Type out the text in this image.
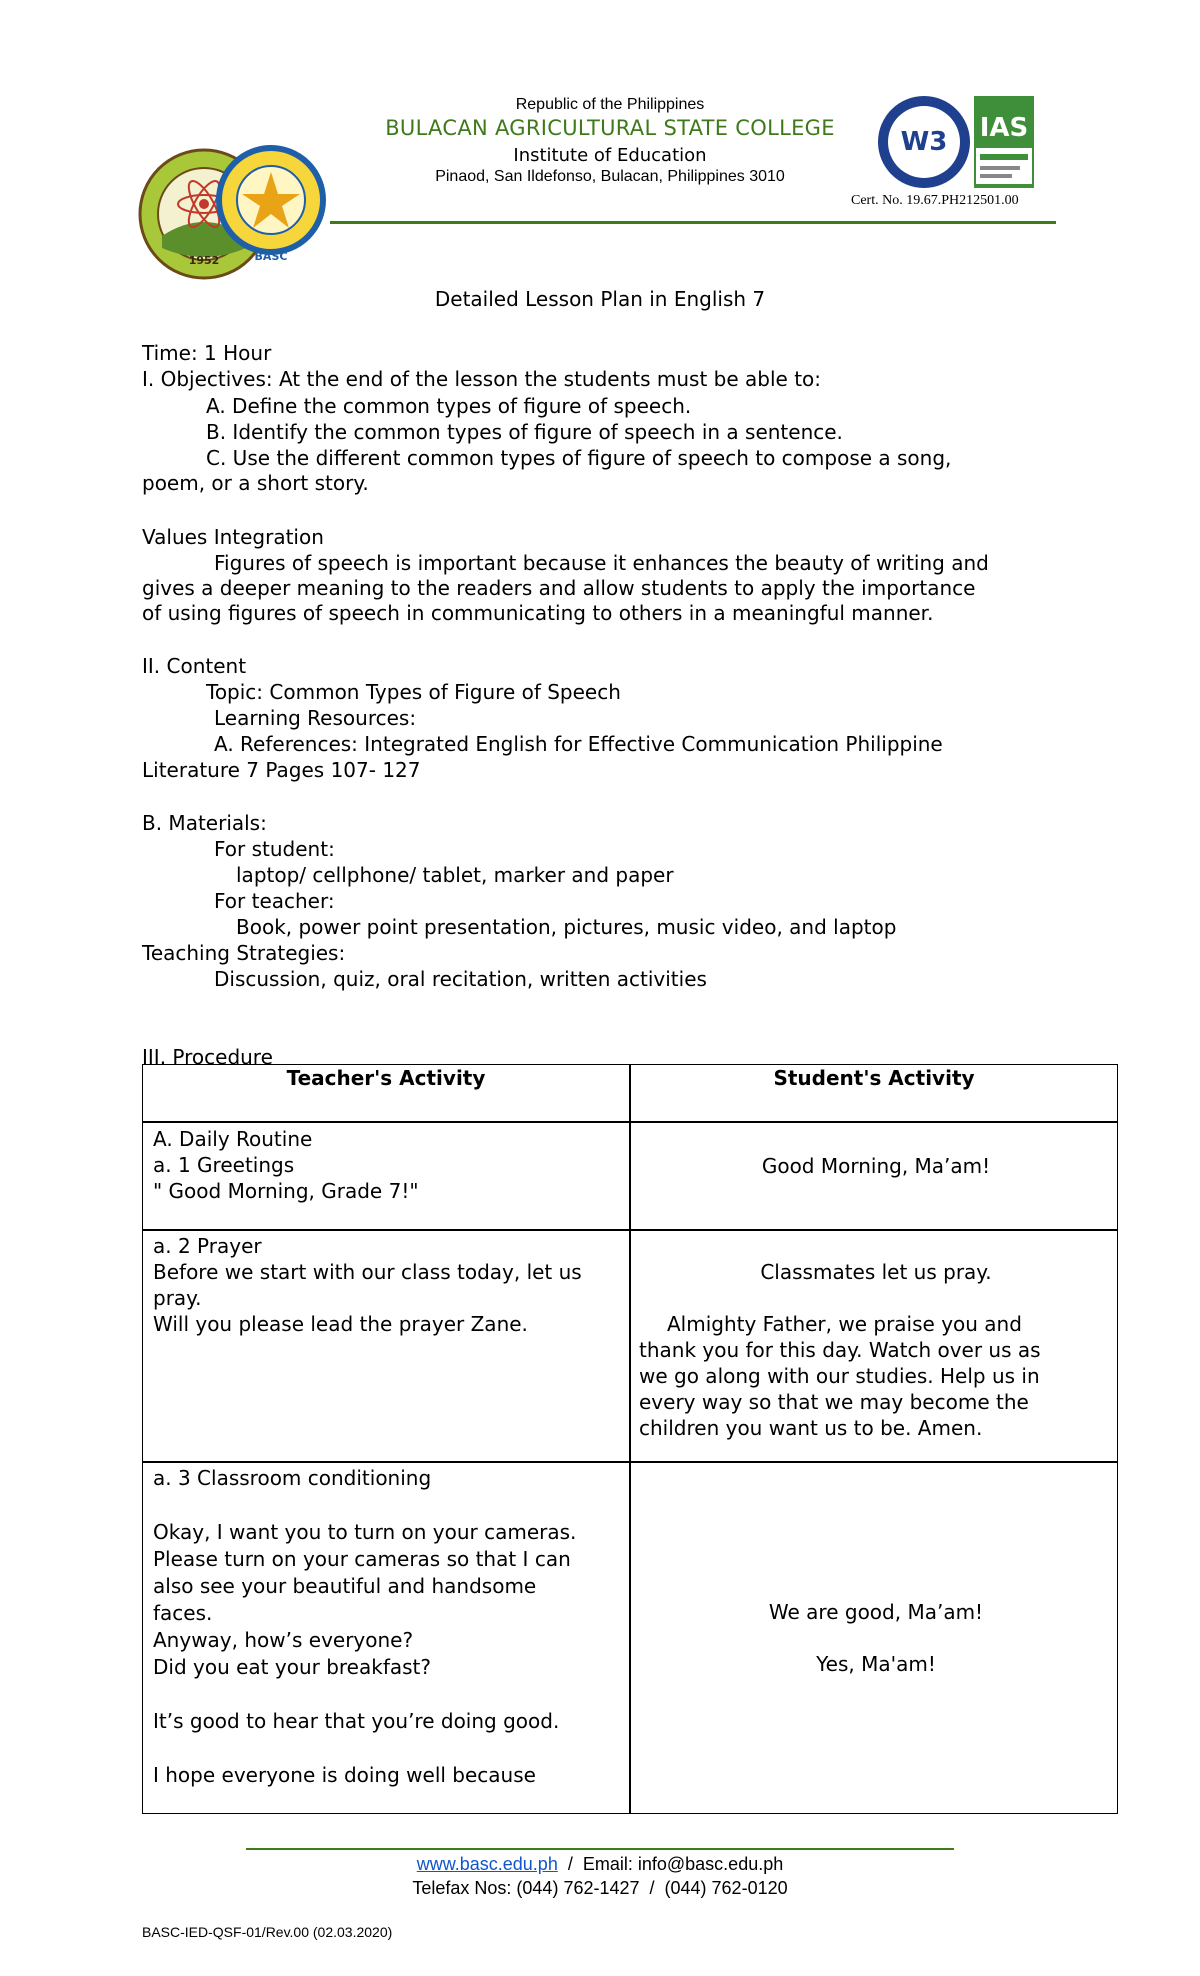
1952	BASC
Republic of the Philippines
BULACAN AGRICULTURAL STATE COLLEGE
Institute of Education
Pinaod, San Ildefonso, Bulacan, Philippines 3010
W3 IAS
Cert. No. 19.67.PH212501.00
Detailed Lesson Plan in English 7
Time: 1 Hour
I. Objectives: At the end of the lesson the students must be able to:
A. Define the common types of figure of speech.
B. Identify the common types of figure of speech in a sentence.
C. Use the different common types of figure of speech to compose a song,
poem, or a short story.
Values Integration
Figures of speech is important because it enhances the beauty of writing and
gives a deeper meaning to the readers and allow students to apply the importance
of using figures of speech in communicating to others in a meaningful manner.
II. Content
Topic: Common Types of Figure of Speech
Learning Resources:
A. References: Integrated English for Effective Communication Philippine
Literature 7 Pages 107- 127
B. Materials:
For student:
laptop/ cellphone/ tablet, marker and paper
For teacher:
Book, power point presentation, pictures, music video, and laptop
Teaching Strategies:
Discussion, quiz, oral recitation, written activities
III. Procedure
Teacher's Activity	Student's Activity
A. Daily Routine
a. 1 Greetings
" Good Morning, Grade 7!"
Good Morning, Ma’am!
a. 2 Prayer
Before we start with our class today, let us
pray.
Will you please lead the prayer Zane.
Classmates let us pray.
Almighty Father, we praise you and
thank you for this day. Watch over us as
we go along with our studies. Help us in
every way so that we may become the
children you want us to be. Amen.
a. 3 Classroom conditioning
Okay, I want you to turn on your cameras.
Please turn on your cameras so that I can
also see your beautiful and handsome
faces.
Anyway, how’s everyone?
Did you eat your breakfast?
It’s good to hear that you’re doing good.
I hope everyone is doing well because
We are good, Ma’am!
Yes, Ma'am!
www.basc.edu.ph  /  Email: info@basc.edu.ph
Telefax Nos: (044) 762-1427  /  (044) 762-0120
BASC-IED-QSF-01/Rev.00 (02.03.2020)
